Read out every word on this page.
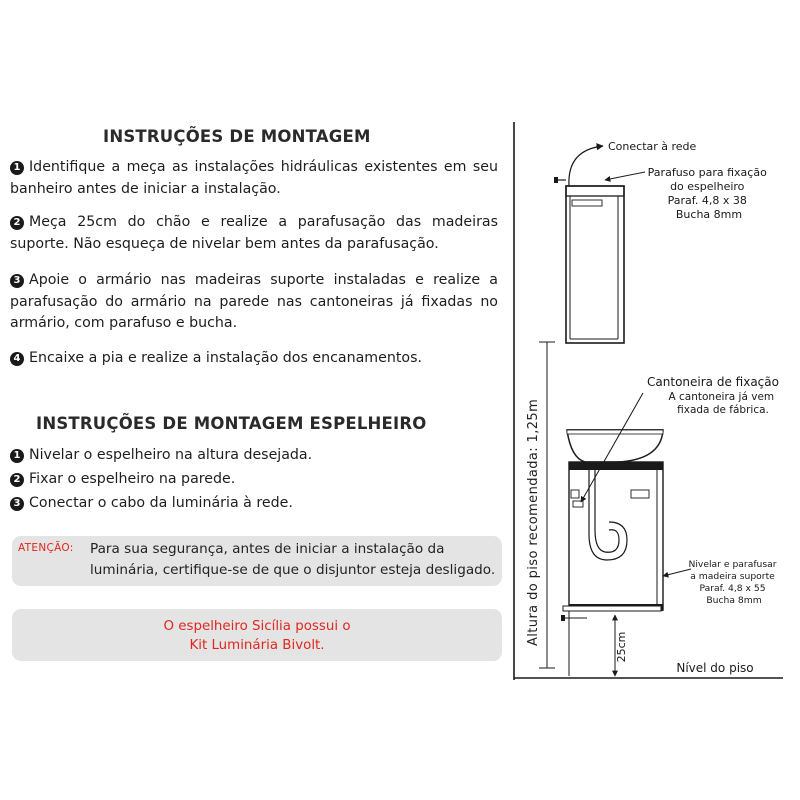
INSTRUÇÕES DE MONTAGEM
1 Identifique a meça as instalações hidráulicas existentes em seu banheiro antes de iniciar a instalação.
2 Meça 25cm do chão e realize a parafusação das madeiras suporte. Não esqueça de nivelar bem antes da parafusação.
3 Apoie o armário nas madeiras suporte instaladas e realize a parafusação do armário na parede nas cantoneiras já fixadas no armário, com parafuso e bucha.
4 Encaixe a pia e realize a instalação dos encanamentos.
INSTRUÇÕES DE MONTAGEM ESPELHEIRO
1 Nivelar o espelheiro na altura desejada.
2 Fixar o espelheiro na parede.
3 Conectar o cabo da luminária à rede.
ATENÇÃO: Para sua segurança, antes de iniciar a instalação da luminária, certifique-se de que o disjuntor esteja desligado.
O espelheiro Sicília possui o
Kit Luminária Bivolt.
Conectar à rede
Parafuso para fixação do espelheiro Paraf. 4,8 x 38 Bucha 8mm
Cantoneira de fixação
A cantoneira já vem fixada de fábrica.
Nivelar e parafusar a madeira suporte Paraf. 4,8 x 55 Bucha 8mm
25cm
Nível do piso
Altura do piso recomendada: 1,25m
